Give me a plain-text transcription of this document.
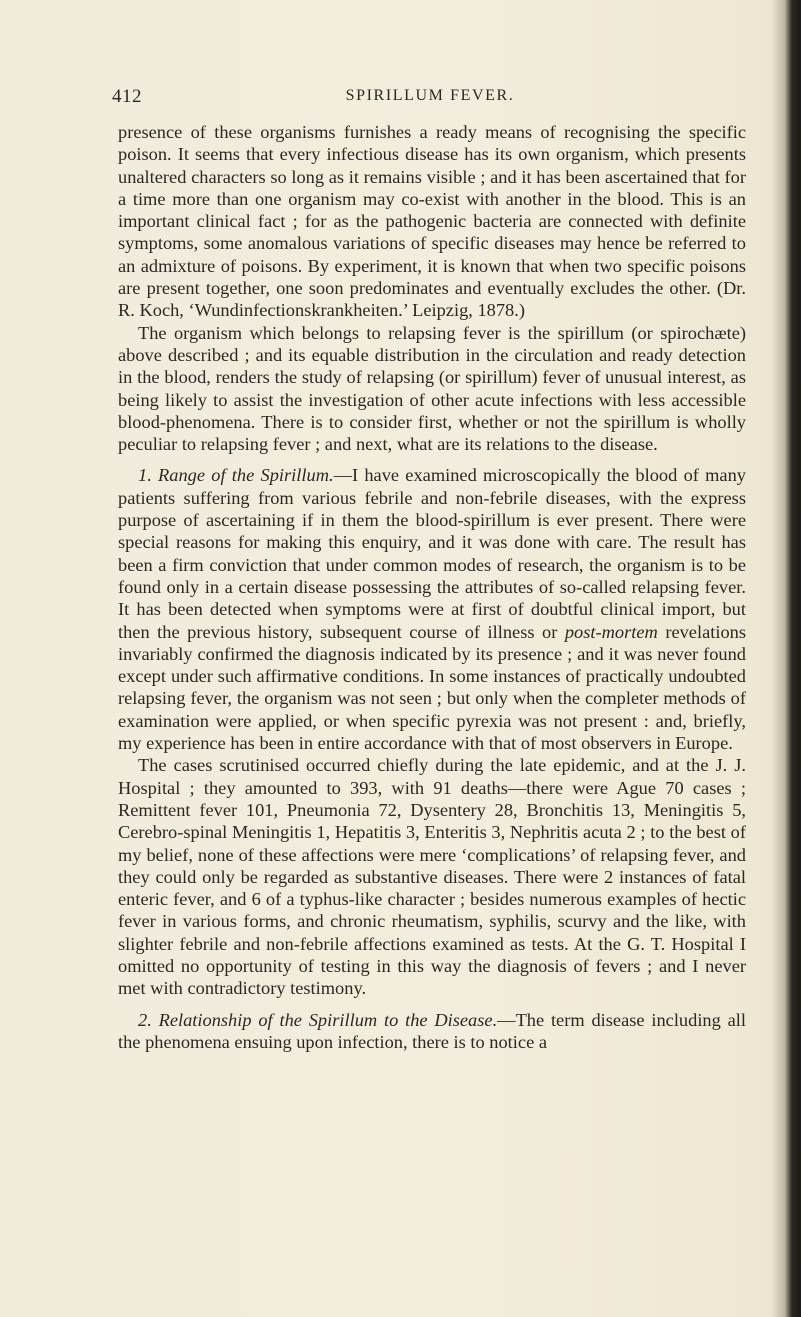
412	SPIRILLUM FEVER.

presence of these organisms furnishes a ready means of recognising the specific poison. It seems that every infectious disease has its own organism, which presents unaltered characters so long as it remains visible ; and it has been ascertained that for a time more than one organism may co-exist with another in the blood. This is an important clinical fact ; for as the pathogenic bacteria are connected with definite symptoms, some anomalous variations of specific diseases may hence be referred to an admixture of poisons. By experiment, it is known that when two specific poisons are present together, one soon predominates and eventually excludes the other. (Dr. R. Koch, ‘Wundinfectionskrankheiten.’ Leipzig, 1878.)

The organism which belongs to relapsing fever is the spirillum (or spirochæte) above described ; and its equable distribution in the circulation and ready detection in the blood, renders the study of relapsing (or spirillum) fever of unusual interest, as being likely to assist the investigation of other acute infections with less accessible blood-phenomena. There is to consider first, whether or not the spirillum is wholly peculiar to relapsing fever ; and next, what are its relations to the disease.

1. Range of the Spirillum.—I have examined microscopically the blood of many patients suffering from various febrile and non-febrile diseases, with the express purpose of ascertaining if in them the blood-spirillum is ever present. There were special reasons for making this enquiry, and it was done with care. The result has been a firm conviction that under common modes of research, the organism is to be found only in a certain disease possessing the attributes of so-called relapsing fever. It has been detected when symptoms were at first of doubtful clinical import, but then the previous history, subsequent course of illness or post-mortem revelations invariably confirmed the diagnosis indicated by its presence ; and it was never found except under such affirmative conditions. In some instances of practically undoubted relapsing fever, the organism was not seen ; but only when the completer methods of examination were applied, or when specific pyrexia was not present : and, briefly, my experience has been in entire accordance with that of most observers in Europe.

The cases scrutinised occurred chiefly during the late epidemic, and at the J. J. Hospital ; they amounted to 393, with 91 deaths—there were Ague 70 cases ; Remittent fever 101, Pneumonia 72, Dysentery 28, Bronchitis 13, Meningitis 5, Cerebro-spinal Meningitis 1, Hepatitis 3, Enteritis 3, Nephritis acuta 2 ; to the best of my belief, none of these affections were mere ‘complications’ of relapsing fever, and they could only be regarded as substantive diseases. There were 2 instances of fatal enteric fever, and 6 of a typhus-like character ; besides numerous examples of hectic fever in various forms, and chronic rheumatism, syphilis, scurvy and the like, with slighter febrile and non-febrile affections examined as tests. At the G. T. Hospital I omitted no opportunity of testing in this way the diagnosis of fevers ; and I never met with contradictory testimony.

2. Relationship of the Spirillum to the Disease.—The term disease including all the phenomena ensuing upon infection, there is to notice a
